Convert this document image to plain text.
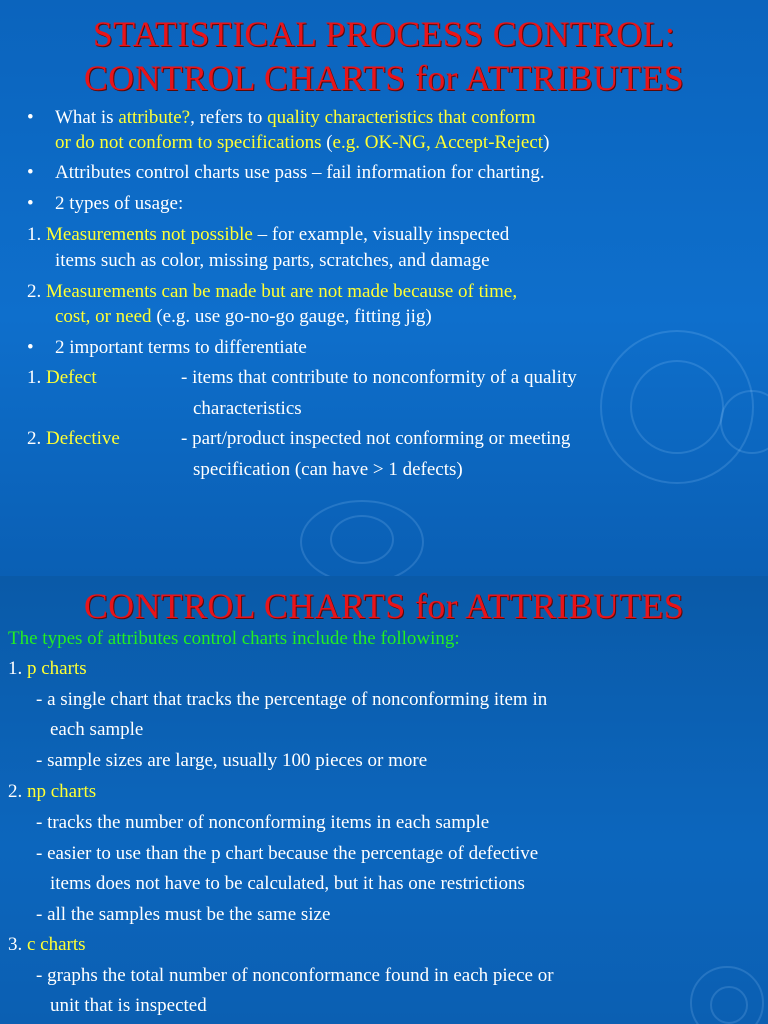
STATISTICAL PROCESS CONTROL:
CONTROL CHARTS for ATTRIBUTES
• What is attribute?, refers to quality characteristics that conform
or do not conform to specifications (e.g. OK-NG, Accept-Reject)
• Attributes control charts use pass – fail information for charting.
• 2 types of usage:
1. Measurements not possible – for example, visually inspected
items such as color, missing parts, scratches, and damage
2. Measurements can be made but are not made because of time,
cost, or need (e.g. use go-no-go gauge, fitting jig)
• 2 important terms to differentiate
1. Defect	- items that contribute to nonconformity of a quality
characteristics
2. Defective	- part/product inspected not conforming or meeting
specification (can have > 1 defects)
CONTROL CHARTS for ATTRIBUTES
The types of attributes control charts include the following:
1. p charts
- a single chart that tracks the percentage of nonconforming item in
each sample
- sample sizes are large, usually 100 pieces or more
2. np charts
- tracks the number of nonconforming items in each sample
- easier to use than the p chart because the percentage of defective
items does not have to be calculated, but it has one restrictions
- all the samples must be the same size
3. c charts
- graphs the total number of nonconformance found in each piece or
unit that is inspected
